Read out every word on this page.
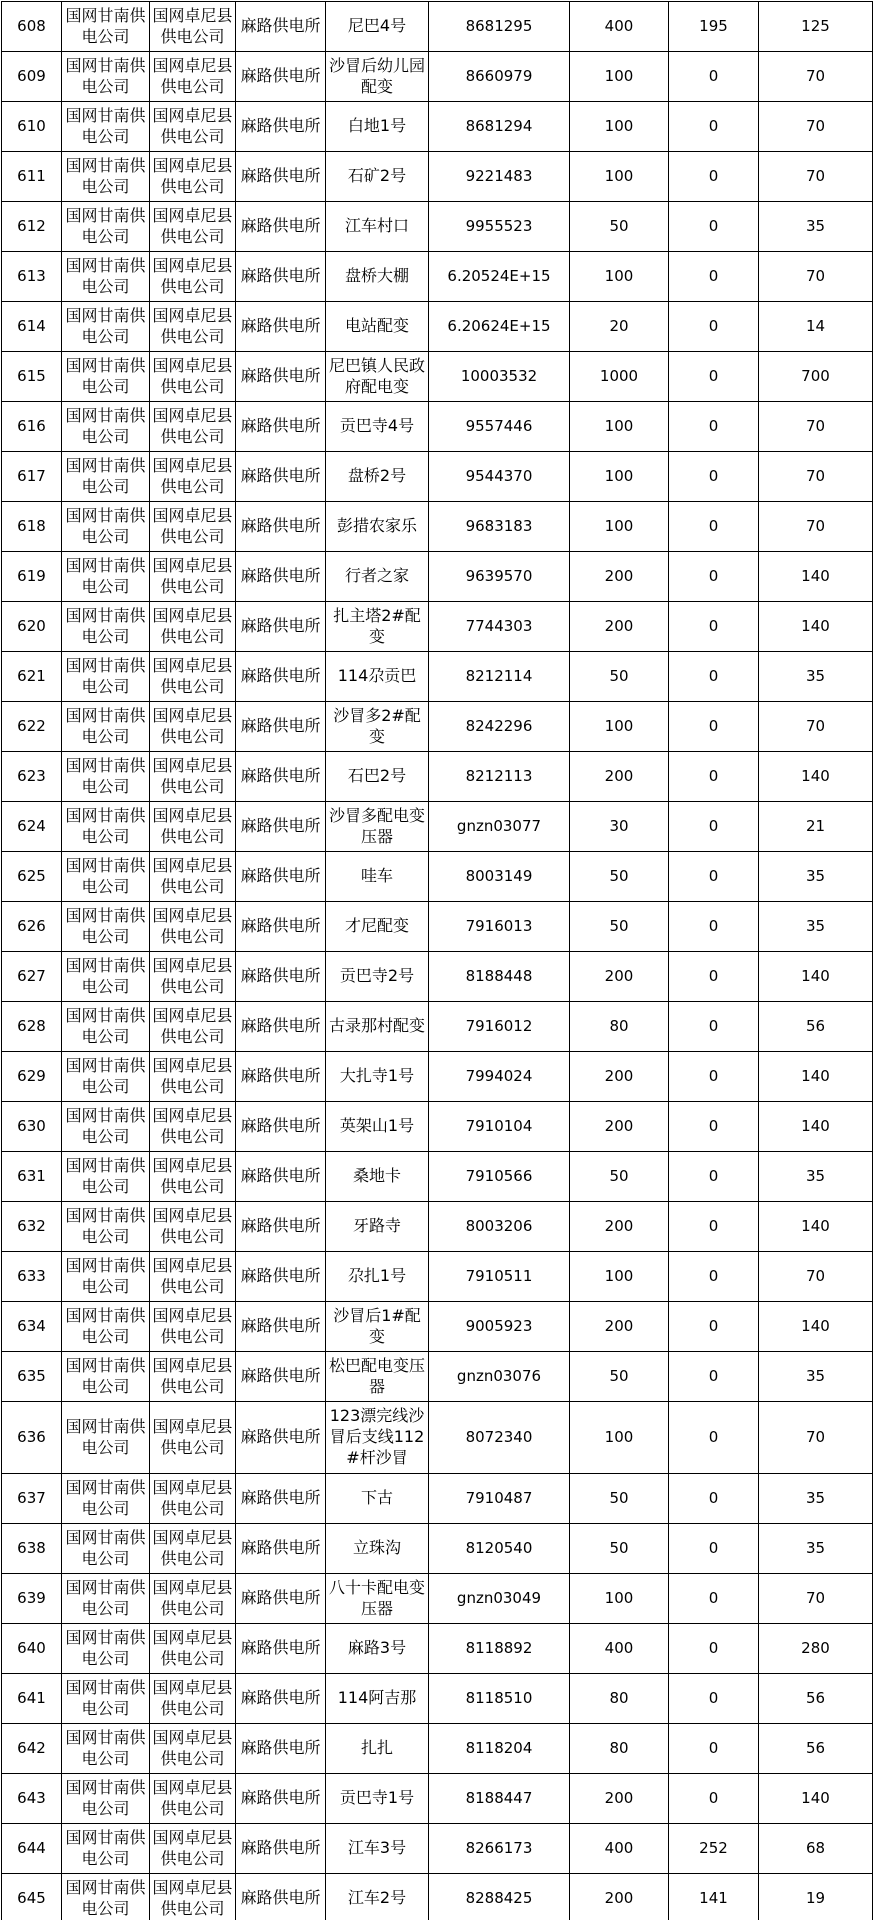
608	国网甘南供电公司	国网卓尼县供电公司	麻路供电所	尼巴4号	8681295	400	195	125
609	国网甘南供电公司	国网卓尼县供电公司	麻路供电所	沙冒后幼儿园配变	8660979	100	0	70
610	国网甘南供电公司	国网卓尼县供电公司	麻路供电所	白地1号	8681294	100	0	70
611	国网甘南供电公司	国网卓尼县供电公司	麻路供电所	石矿2号	9221483	100	0	70
612	国网甘南供电公司	国网卓尼县供电公司	麻路供电所	江车村口	9955523	50	0	35
613	国网甘南供电公司	国网卓尼县供电公司	麻路供电所	盘桥大棚	6.20524E+15	100	0	70
614	国网甘南供电公司	国网卓尼县供电公司	麻路供电所	电站配变	6.20624E+15	20	0	14
615	国网甘南供电公司	国网卓尼县供电公司	麻路供电所	尼巴镇人民政府配电变	10003532	1000	0	700
616	国网甘南供电公司	国网卓尼县供电公司	麻路供电所	贡巴寺4号	9557446	100	0	70
617	国网甘南供电公司	国网卓尼县供电公司	麻路供电所	盘桥2号	9544370	100	0	70
618	国网甘南供电公司	国网卓尼县供电公司	麻路供电所	彭措农家乐	9683183	100	0	70
619	国网甘南供电公司	国网卓尼县供电公司	麻路供电所	行者之家	9639570	200	0	140
620	国网甘南供电公司	国网卓尼县供电公司	麻路供电所	扎主塔2#配变	7744303	200	0	140
621	国网甘南供电公司	国网卓尼县供电公司	麻路供电所	114尕贡巴	8212114	50	0	35
622	国网甘南供电公司	国网卓尼县供电公司	麻路供电所	沙冒多2#配变	8242296	100	0	70
623	国网甘南供电公司	国网卓尼县供电公司	麻路供电所	石巴2号	8212113	200	0	140
624	国网甘南供电公司	国网卓尼县供电公司	麻路供电所	沙冒多配电变压器	gnzn03077	30	0	21
625	国网甘南供电公司	国网卓尼县供电公司	麻路供电所	哇车	8003149	50	0	35
626	国网甘南供电公司	国网卓尼县供电公司	麻路供电所	才尼配变	7916013	50	0	35
627	国网甘南供电公司	国网卓尼县供电公司	麻路供电所	贡巴寺2号	8188448	200	0	140
628	国网甘南供电公司	国网卓尼县供电公司	麻路供电所	古录那村配变	7916012	80	0	56
629	国网甘南供电公司	国网卓尼县供电公司	麻路供电所	大扎寺1号	7994024	200	0	140
630	国网甘南供电公司	国网卓尼县供电公司	麻路供电所	英架山1号	7910104	200	0	140
631	国网甘南供电公司	国网卓尼县供电公司	麻路供电所	桑地卡	7910566	50	0	35
632	国网甘南供电公司	国网卓尼县供电公司	麻路供电所	牙路寺	8003206	200	0	140
633	国网甘南供电公司	国网卓尼县供电公司	麻路供电所	尕扎1号	7910511	100	0	70
634	国网甘南供电公司	国网卓尼县供电公司	麻路供电所	沙冒后1#配变	9005923	200	0	140
635	国网甘南供电公司	国网卓尼县供电公司	麻路供电所	松巴配电变压器	gnzn03076	50	0	35
636	国网甘南供电公司	国网卓尼县供电公司	麻路供电所	123漂完线沙冒后支线112#杆沙冒	8072340	100	0	70
637	国网甘南供电公司	国网卓尼县供电公司	麻路供电所	下古	7910487	50	0	35
638	国网甘南供电公司	国网卓尼县供电公司	麻路供电所	立珠沟	8120540	50	0	35
639	国网甘南供电公司	国网卓尼县供电公司	麻路供电所	八十卡配电变压器	gnzn03049	100	0	70
640	国网甘南供电公司	国网卓尼县供电公司	麻路供电所	麻路3号	8118892	400	0	280
641	国网甘南供电公司	国网卓尼县供电公司	麻路供电所	114阿吉那	8118510	80	0	56
642	国网甘南供电公司	国网卓尼县供电公司	麻路供电所	扎扎	8118204	80	0	56
643	国网甘南供电公司	国网卓尼县供电公司	麻路供电所	贡巴寺1号	8188447	200	0	140
644	国网甘南供电公司	国网卓尼县供电公司	麻路供电所	江车3号	8266173	400	252	68
645	国网甘南供电公司	国网卓尼县供电公司	麻路供电所	江车2号	8288425	200	141	19
